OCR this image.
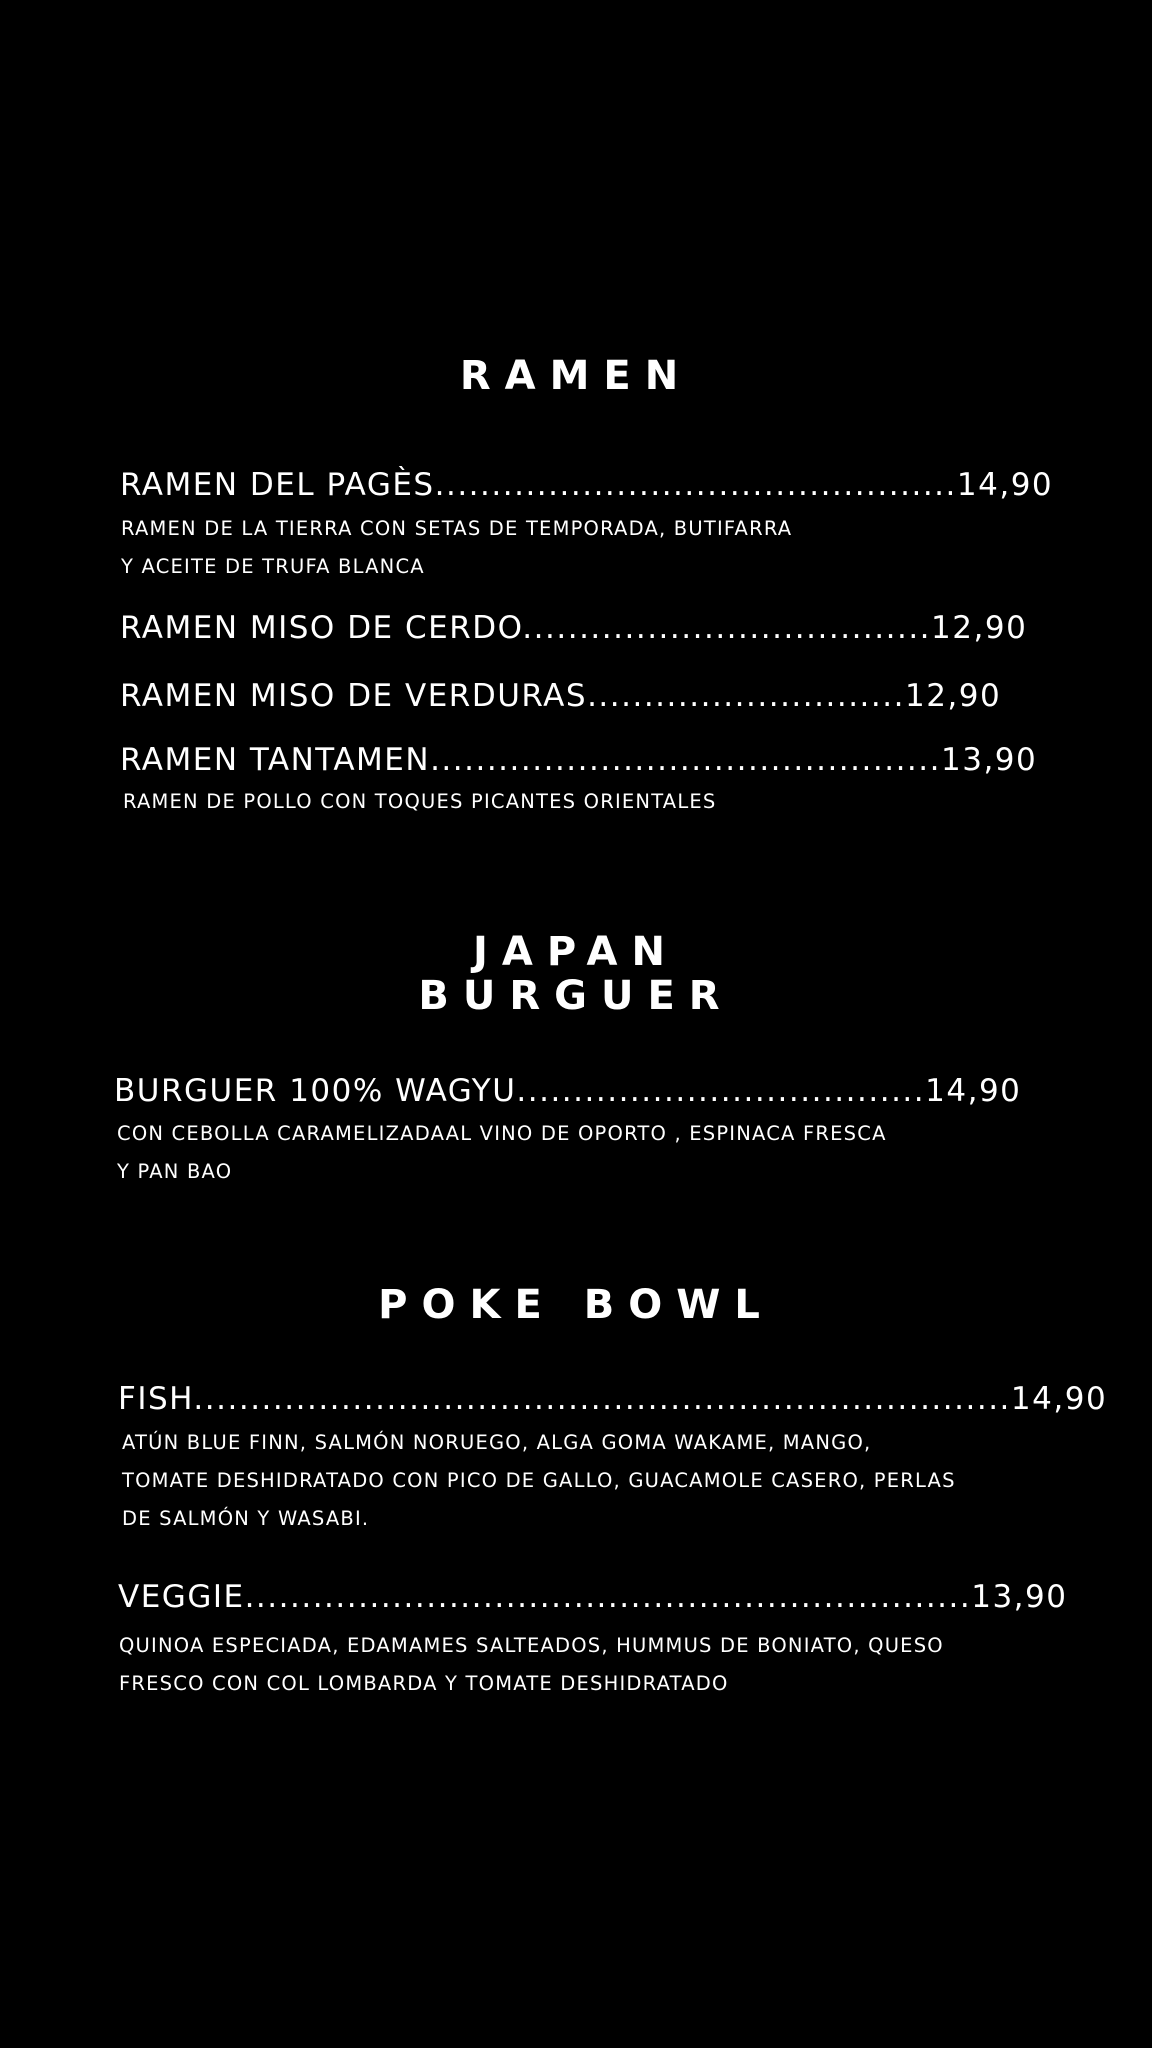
RAMEN
RAMEN DEL PAGÈS..............................................14,90
RAMEN DE LA TIERRA CON SETAS DE TEMPORADA, BUTIFARRA
Y ACEITE DE TRUFA BLANCA
RAMEN MISO DE CERDO....................................12,90
RAMEN MISO DE VERDURAS............................12,90
RAMEN TANTAMEN.............................................13,90
RAMEN DE POLLO CON TOQUES PICANTES ORIENTALES
JAPAN
BURGUER
BURGUER 100% WAGYU....................................14,90
CON CEBOLLA CARAMELIZADAAL VINO DE OPORTO , ESPINACA FRESCA
Y PAN BAO
POKE BOWL
FISH........................................................................14,90
ATÚN BLUE FINN, SALMÓN NORUEGO, ALGA GOMA WAKAME, MANGO,
TOMATE DESHIDRATADO CON PICO DE GALLO, GUACAMOLE CASERO, PERLAS
DE SALMÓN Y WASABI.
VEGGIE................................................................13,90
QUINOA ESPECIADA, EDAMAMES SALTEADOS, HUMMUS DE BONIATO, QUESO
FRESCO CON COL LOMBARDA Y TOMATE DESHIDRATADO
